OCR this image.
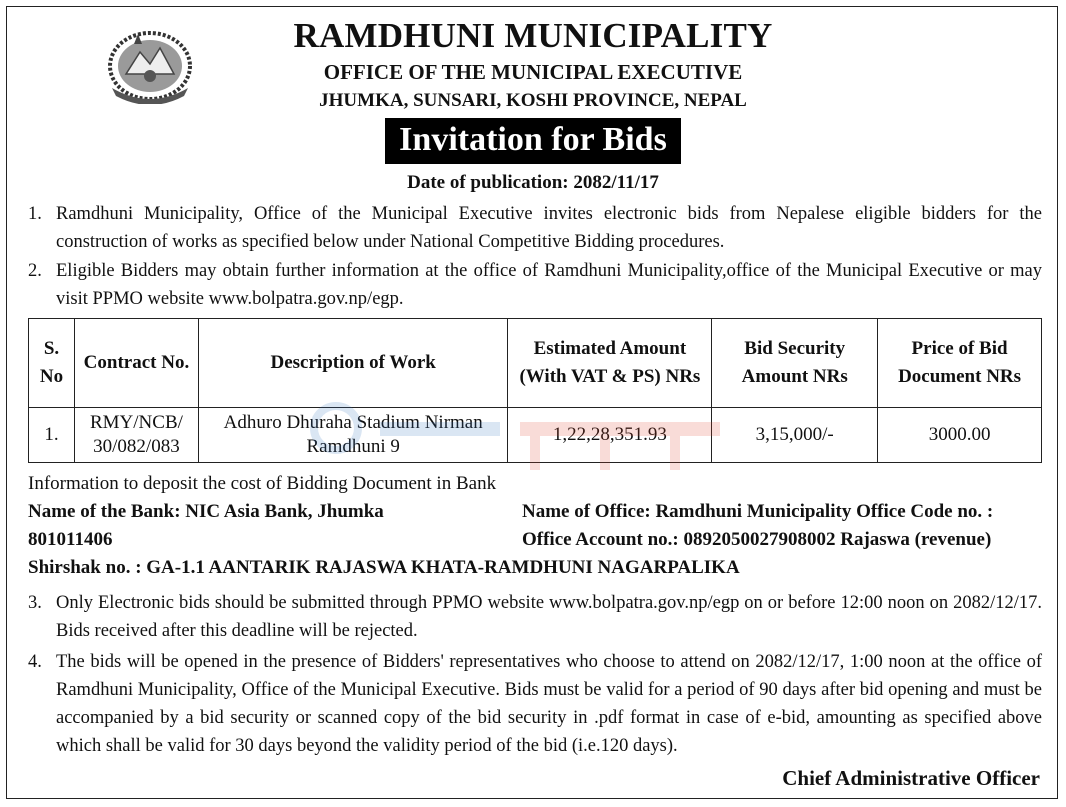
RAMDHUNI MUNICIPALITY
OFFICE OF THE MUNICIPAL EXECUTIVE
JHUMKA, SUNSARI, KOSHI PROVINCE, NEPAL
Invitation for Bids
Date of publication: 2082/11/17
1. Ramdhuni Municipality, Office of the Municipal Executive invites electronic bids from Nepalese eligible bidders for the construction of works as specified below under National Competitive Bidding procedures.
2. Eligible Bidders may obtain further information at the office of Ramdhuni Municipality,office of the Municipal Executive or may visit PPMO website www.bolpatra.gov.np/egp.
S. No	Contract No.	Description of Work	Estimated Amount (With VAT & PS) NRs	Bid Security Amount NRs	Price of Bid Document NRs
1.	RMY/NCB/ 30/082/083	Adhuro Dhuraha Stadium Nirman Ramdhuni 9	1,22,28,351.93	3,15,000/-	3000.00
Information to deposit the cost of Bidding Document in Bank
Name of the Bank: NIC Asia Bank, Jhumka
801011406
Name of Office: Ramdhuni Municipality Office Code no. :
Office Account no.: 0892050027908002 Rajaswa (revenue)
Shirshak no. : GA-1.1 AANTARIK RAJASWA KHATA-RAMDHUNI NAGARPALIKA
3. Only Electronic bids should be submitted through PPMO website www.bolpatra.gov.np/egp on or before 12:00 noon on 2082/12/17. Bids received after this deadline will be rejected.
4. The bids will be opened in the presence of Bidders' representatives who choose to attend on 2082/12/17, 1:00 noon at the office of Ramdhuni Municipality, Office of the Municipal Executive. Bids must be valid for a period of 90 days after bid opening and must be accompanied by a bid security or scanned copy of the bid security in .pdf format in case of e-bid, amounting as specified above which shall be valid for 30 days beyond the validity period of the bid (i.e.120 days).
Chief Administrative Officer
